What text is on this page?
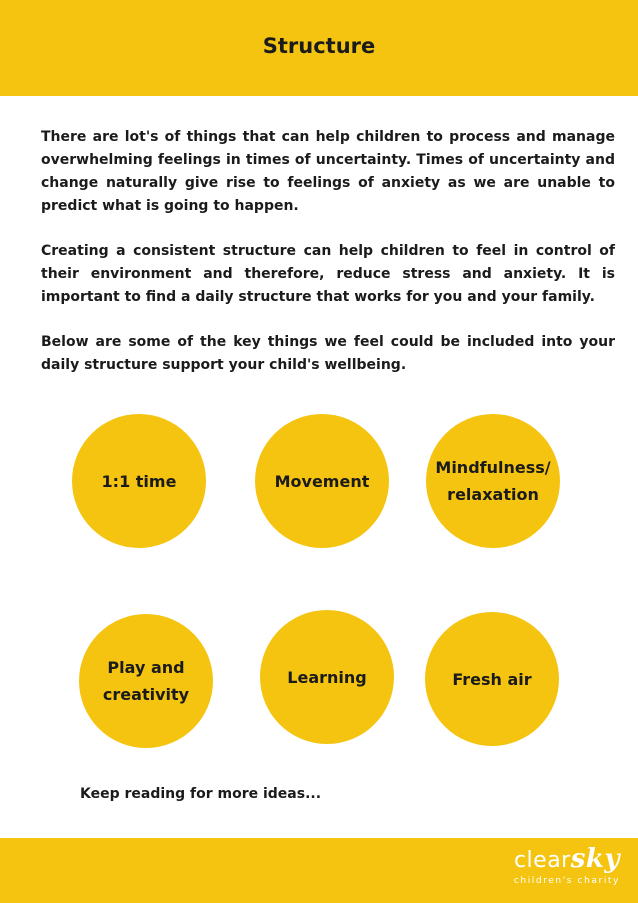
Structure

There are lot's of things that can help children to process and manage overwhelming feelings in times of uncertainty. Times of uncertainty and change naturally give rise to feelings of anxiety as we are unable to predict what is going to happen.

Creating a consistent structure can help children to feel in control of their environment and therefore, reduce stress and anxiety. It is important to find a daily structure that works for you and your family.

Below are some of the key things we feel could be included into your daily structure support your child's wellbeing.

1:1 time	Movement
Mindfulness/
relaxation
Play and
creativity
Learning	Fresh air
Keep reading for more ideas...
clearsky
children's charity
